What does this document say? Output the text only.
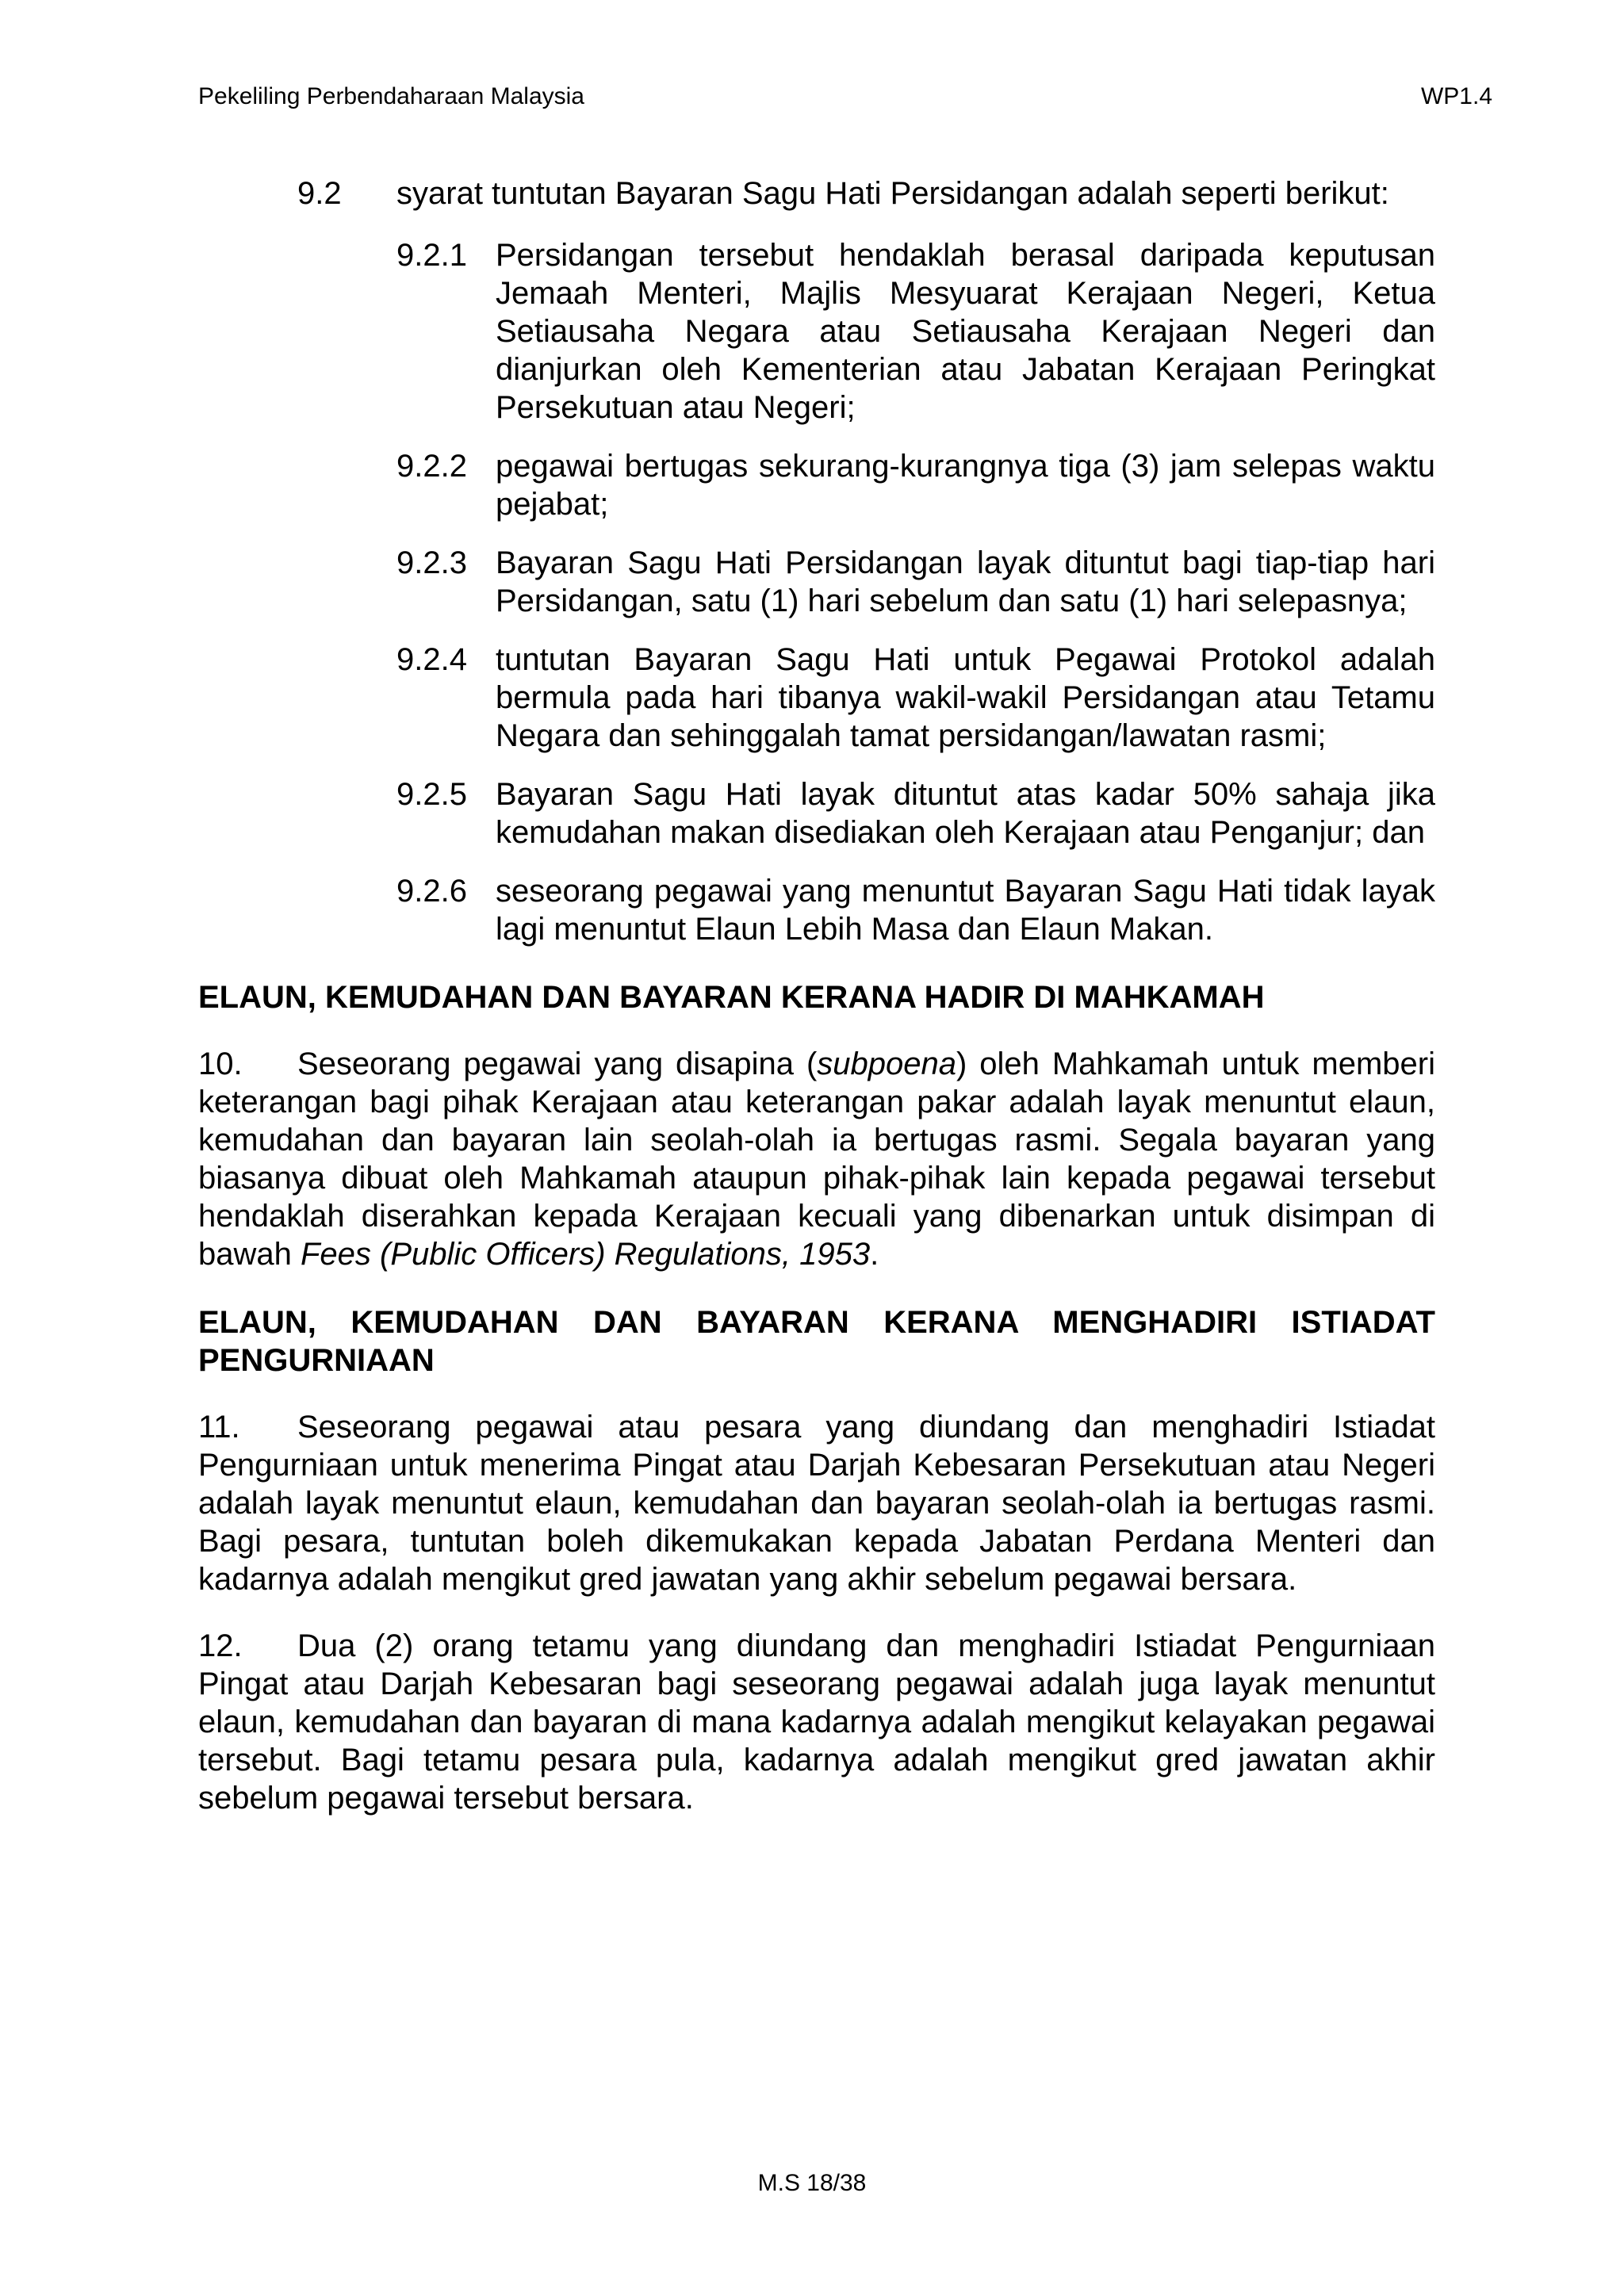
Pekeliling Perbendaharaan Malaysia	WP1.4
9.2	syarat tuntutan Bayaran Sagu Hati Persidangan adalah seperti berikut:
9.2.1 Persidangan tersebut hendaklah berasal daripada keputusan Jemaah Menteri, Majlis Mesyuarat Kerajaan Negeri, Ketua Setiausaha Negara atau Setiausaha Kerajaan Negeri dan dianjurkan oleh Kementerian atau Jabatan Kerajaan Peringkat Persekutuan atau Negeri;
9.2.2 pegawai bertugas sekurang-kurangnya tiga (3) jam selepas waktu pejabat;
9.2.3 Bayaran Sagu Hati Persidangan layak dituntut bagi tiap-tiap hari Persidangan, satu (1) hari sebelum dan satu (1) hari selepasnya;
9.2.4 tuntutan Bayaran Sagu Hati untuk Pegawai Protokol adalah bermula pada hari tibanya wakil-wakil Persidangan atau Tetamu Negara dan sehinggalah tamat persidangan/lawatan rasmi;
9.2.5 Bayaran Sagu Hati layak dituntut atas kadar 50% sahaja jika kemudahan makan disediakan oleh Kerajaan atau Penganjur; dan
9.2.6 seseorang pegawai yang menuntut Bayaran Sagu Hati tidak layak lagi menuntut Elaun Lebih Masa dan Elaun Makan.
ELAUN, KEMUDAHAN DAN BAYARAN KERANA HADIR DI MAHKAMAH
10. Seseorang pegawai yang disapina (subpoena) oleh Mahkamah untuk memberi keterangan bagi pihak Kerajaan atau keterangan pakar adalah layak menuntut elaun, kemudahan dan bayaran lain seolah-olah ia bertugas rasmi. Segala bayaran yang biasanya dibuat oleh Mahkamah ataupun pihak-pihak lain kepada pegawai tersebut hendaklah diserahkan kepada Kerajaan kecuali yang dibenarkan untuk disimpan di bawah Fees (Public Officers) Regulations, 1953.
ELAUN, KEMUDAHAN DAN BAYARAN KERANA MENGHADIRI ISTIADAT PENGURNIAAN
11. Seseorang pegawai atau pesara yang diundang dan menghadiri Istiadat Pengurniaan untuk menerima Pingat atau Darjah Kebesaran Persekutuan atau Negeri adalah layak menuntut elaun, kemudahan dan bayaran seolah-olah ia bertugas rasmi. Bagi pesara, tuntutan boleh dikemukakan kepada Jabatan Perdana Menteri dan kadarnya adalah mengikut gred jawatan yang akhir sebelum pegawai bersara.
12. Dua (2) orang tetamu yang diundang dan menghadiri Istiadat Pengurniaan Pingat atau Darjah Kebesaran bagi seseorang pegawai adalah juga layak menuntut elaun, kemudahan dan bayaran di mana kadarnya adalah mengikut kelayakan pegawai tersebut. Bagi tetamu pesara pula, kadarnya adalah mengikut gred jawatan akhir sebelum pegawai tersebut bersara.
M.S 18/38
